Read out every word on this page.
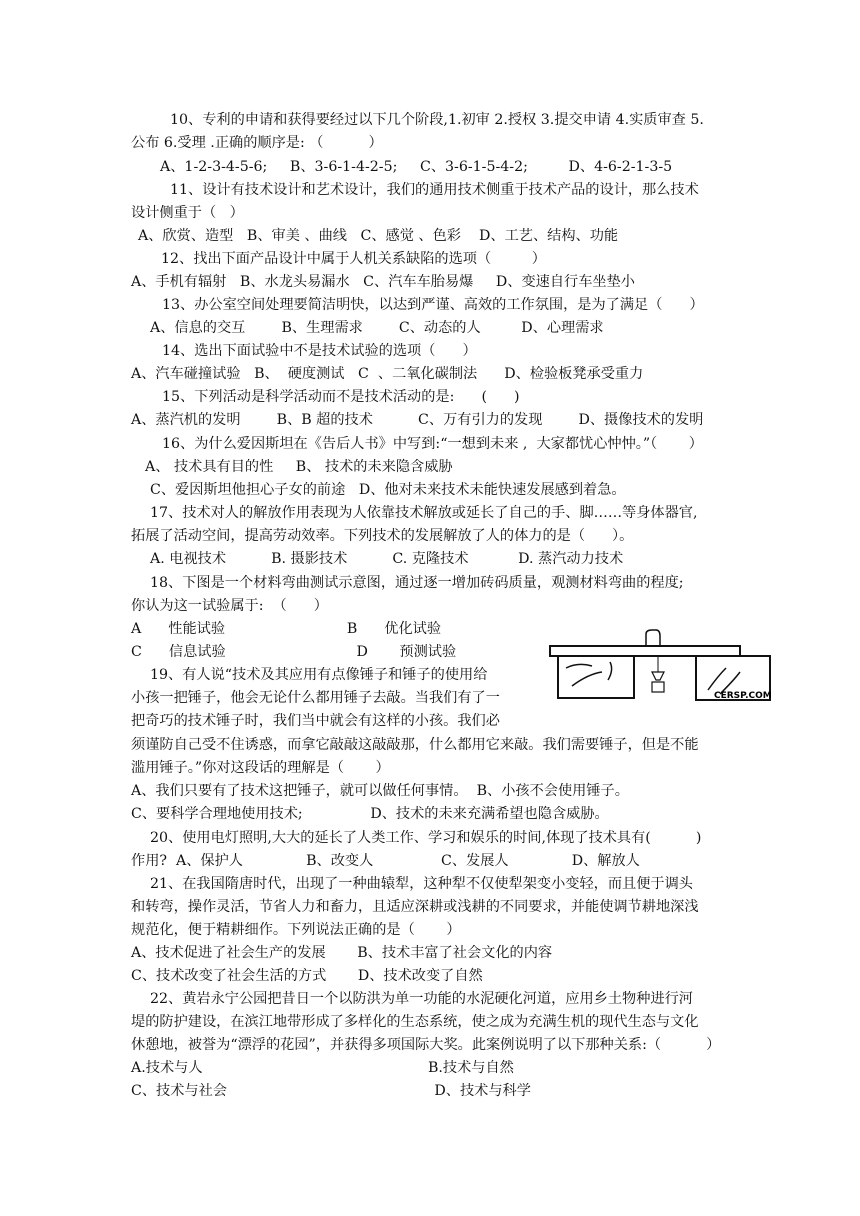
10、专利的申请和获得要经过以下几个阶段,1.初审 2.授权 3.提交申请 4.实质审查 5.
公布 6.受理 .正确的顺序是: （          ）
A、1-2-3-4-5-6;     B、3-6-1-4-2-5;     C、3-6-1-5-4-2;         D、4-6-2-1-3-5
11、设计有技术设计和艺术设计，我们的通用技术侧重于技术产品的设计，那么技术
设计侧重于（   ）
A、欣赏、造型   B、审美 、曲线   C、感觉 、色彩    D、工艺、结构、功能
12、找出下面产品设计中属于人机关系缺陷的选项（         ）
A、手机有辐射   B、水龙头易漏水   C、汽车车胎易爆     D、变速自行车坐垫小
13、办公室空间处理要简洁明快，以达到严谨、高效的工作氛围，是为了满足（      ）
A、信息的交互        B、生理需求        C、动态的人         D、心理需求
14、选出下面试验中不是技术试验的选项（      ）
A、汽车碰撞试验   B、  硬度测试   C  、二氧化碳制法      D、检验板凳承受重力
15、下列活动是科学活动而不是技术活动的是:      (      )
A、蒸汽机的发明        B、B 超的技术          C、万有引力的发现        D、摄像技术的发明
16、为什么爱因斯坦在《告后人书》中写到:“一想到未来 ,  大家都忧心忡忡。”（       ）
A、 技术具有目的性     B、 技术的未来隐含威胁
C、爱因斯坦他担心子女的前途   D、他对未来技术未能快速发展感到着急。
17、技术对人的解放作用表现为人依靠技术解放或延长了自己的手、脚……等身体器官,
拓展了活动空间，提高劳动效率。下列技术的发展解放了人的体力的是（      ）。
A. 电视技术          B. 摄影技术          C. 克隆技术           D. 蒸汽动力技术
18、下图是一个材料弯曲测试示意图，通过逐一增加砖码质量，观测材料弯曲的程度;
你认为这一试验属于:  （      ）
A      性能试验                           B      优化试验
C      信息试验                             D       预测试验
19、有人说“技术及其应用有点像锤子和锤子的使用给
小孩一把锤子，他会无论什么都用锤子去敲。当我们有了一
把奇巧的技术锤子时，我们当中就会有这样的小孩。我们必
须谨防自己受不住诱惑，而拿它敲敲这敲敲那，什么都用它来敲。我们需要锤子，但是不能
滥用锤子。”你对这段话的理解是（       ）
A、我们只要有了技术这把锤子，就可以做任何事情。  B、小孩不会使用锤子。
C、要科学合理地使用技术;               D、技术的未来充满希望也隐含威胁。
20、使用电灯照明,大大的延长了人类工作、学习和娱乐的时间,体现了技术具有(          )
作用?  A、保护人              B、改变人               C、发展人              D、解放人
21、在我国隋唐时代，出现了一种曲辕犁，这种犁不仅使犁架变小变轻，而且便于调头
和转弯，操作灵活，节省人力和畜力，且适应深耕或浅耕的不同要求，并能使调节耕地深浅
规范化，便于精耕细作。下列说法正确的是（       ）
A、技术促进了社会生产的发展       B、技术丰富了社会文化的内容
C、技术改变了社会生活的方式       D、技术改变了自然
22、黄岩永宁公园把昔日一个以防洪为单一功能的水泥硬化河道，应用乡土物种进行河
堤的防护建设，在滨江地带形成了多样化的生态系统，使之成为充满生机的现代生态与文化
休憩地，被誉为“漂浮的花园”，并获得多项国际大奖。此案例说明了以下那种关系:（          ）
A.技术与人                                                  B.技术与自然
C、技术与社会                                              D、技术与科学
CERSP.COM
